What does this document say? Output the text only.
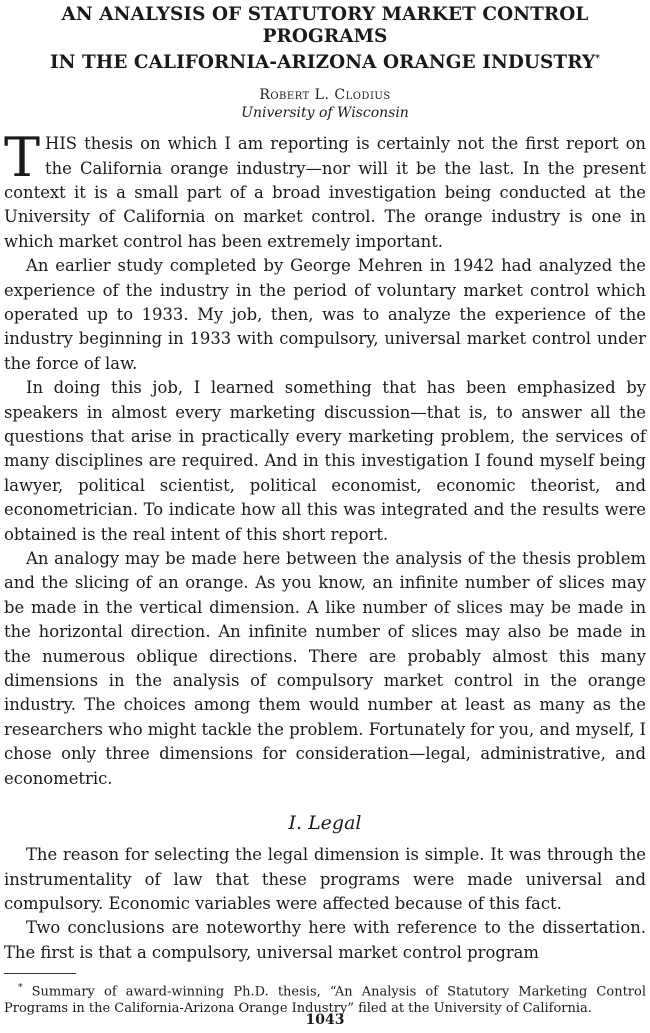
AN ANALYSIS OF STATUTORY MARKET CONTROL PROGRAMS
IN THE CALIFORNIA-ARIZONA ORANGE INDUSTRY*
Robert L. Clodius
University of Wisconsin

THIS thesis on which I am reporting is certainly not the first report on the California orange industry—nor will it be the last. In the present context it is a small part of a broad investigation being conducted at the University of California on market control. The orange industry is one in which market control has been extremely important.

An earlier study completed by George Mehren in 1942 had analyzed the experience of the industry in the period of voluntary market control which operated up to 1933. My job, then, was to analyze the experience of the industry beginning in 1933 with compulsory, universal market control under the force of law.

In doing this job, I learned something that has been emphasized by speakers in almost every marketing discussion—that is, to answer all the questions that arise in practically every marketing problem, the services of many disciplines are required. And in this investigation I found myself being lawyer, political scientist, political economist, economic theorist, and econometrician. To indicate how all this was integrated and the results were obtained is the real intent of this short report.

An analogy may be made here between the analysis of the thesis problem and the slicing of an orange. As you know, an infinite number of slices may be made in the vertical dimension. A like number of slices may be made in the horizontal direction. An infinite number of slices may also be made in the numerous oblique directions. There are probably almost this many dimensions in the analysis of compulsory market control in the orange industry. The choices among them would number at least as many as the researchers who might tackle the problem. Fortunately for you, and myself, I chose only three dimensions for consideration—legal, administrative, and econometric.

I. Legal

The reason for selecting the legal dimension is simple. It was through the instrumentality of law that these programs were made universal and compulsory. Economic variables were affected because of this fact.

Two conclusions are noteworthy here with reference to the dissertation. The first is that a compulsory, universal market control program

* Summary of award-winning Ph.D. thesis, “An Analysis of Statutory Marketing Control Programs in the California-Arizona Orange Industry” filed at the University of California.
1043
